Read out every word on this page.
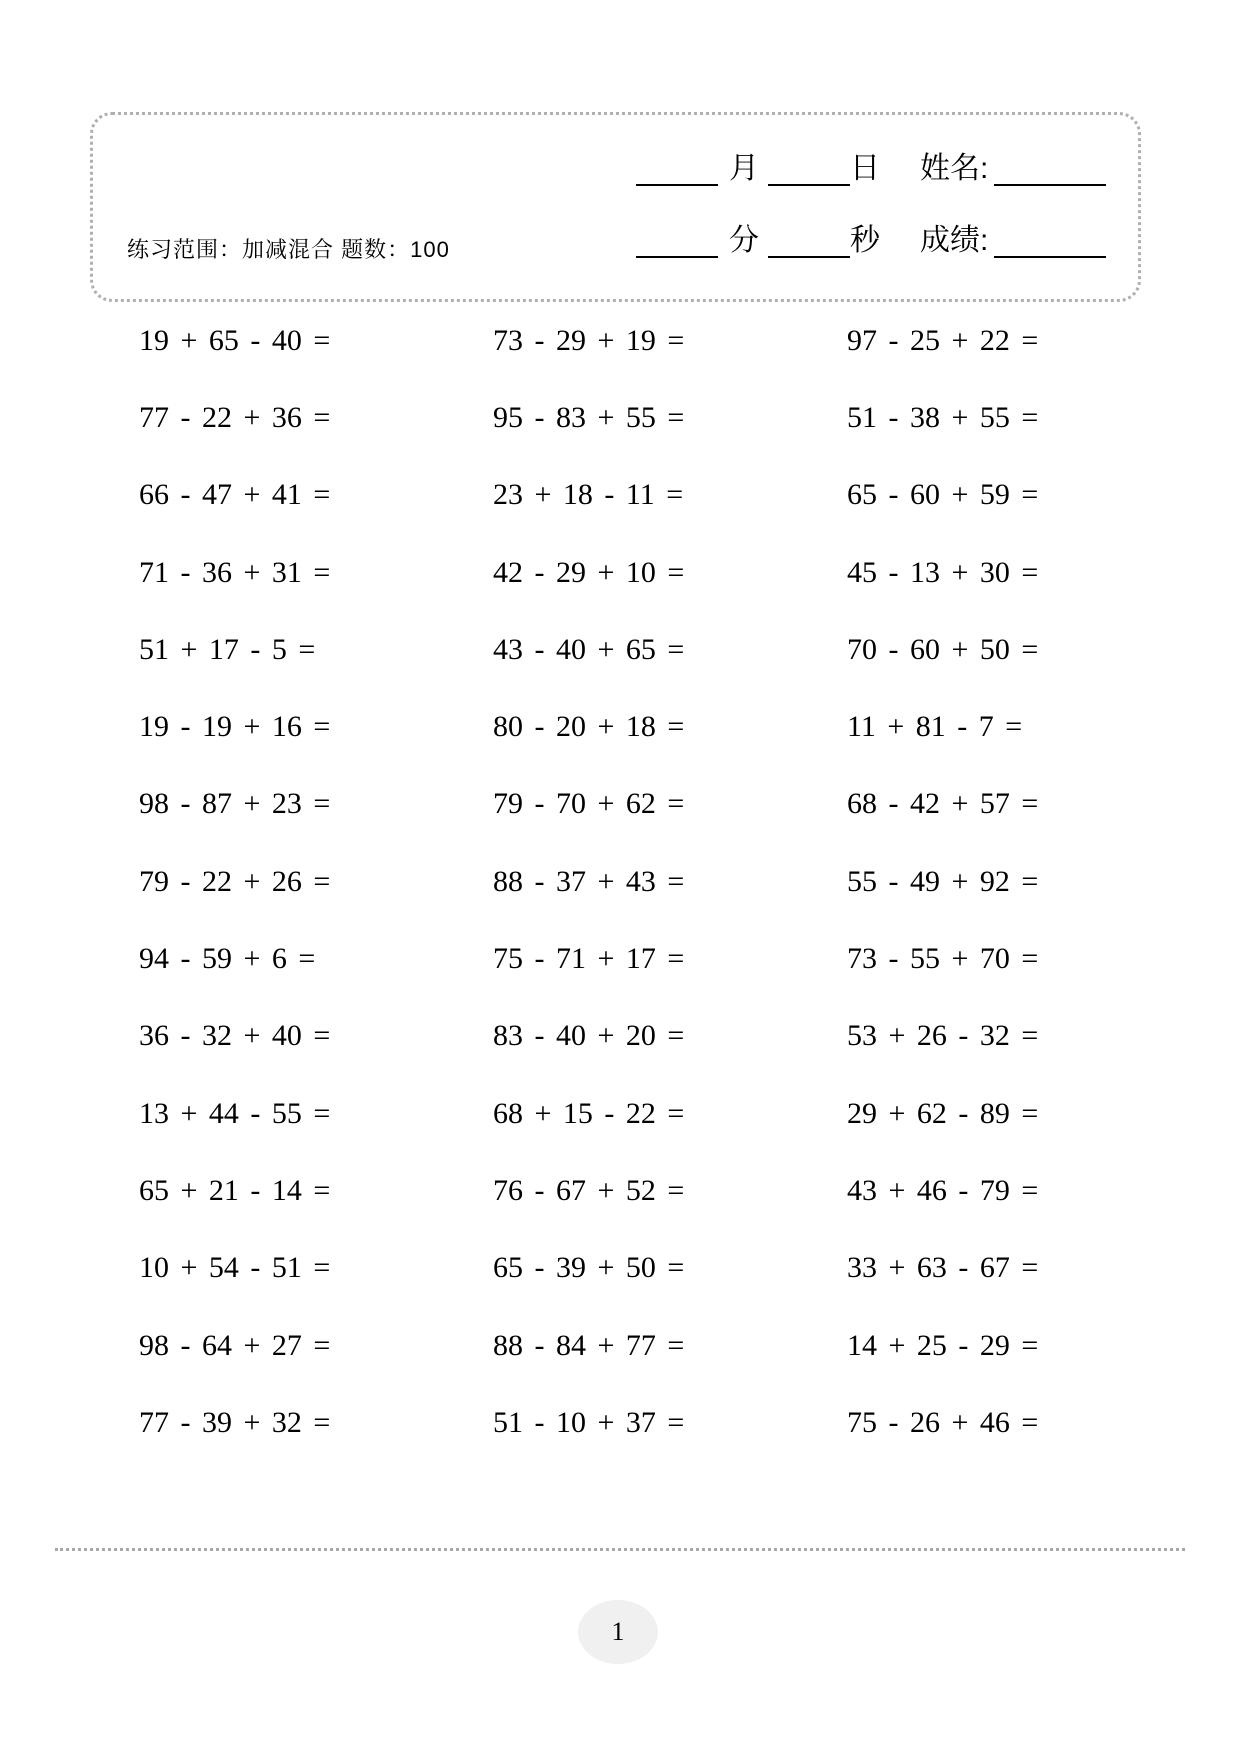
练习范围：加减混合 题数：100
月	日 姓名:
分	秒 成绩:
19 + 65 - 40 =	73 - 29 + 19 =	97 - 25 + 22 =
77 - 22 + 36 =	95 - 83 + 55 =	51 - 38 + 55 =
66 - 47 + 41 =	23 + 18 - 11 =	65 - 60 + 59 =
71 - 36 + 31 =	42 - 29 + 10 =	45 - 13 + 30 =
51 + 17 - 5 =	43 - 40 + 65 =	70 - 60 + 50 =
19 - 19 + 16 =	80 - 20 + 18 =	11 + 81 - 7 =
98 - 87 + 23 =	79 - 70 + 62 =	68 - 42 + 57 =
79 - 22 + 26 =	88 - 37 + 43 =	55 - 49 + 92 =
94 - 59 + 6 =	75 - 71 + 17 =	73 - 55 + 70 =
36 - 32 + 40 =	83 - 40 + 20 =	53 + 26 - 32 =
13 + 44 - 55 =	68 + 15 - 22 =	29 + 62 - 89 =
65 + 21 - 14 =	76 - 67 + 52 =	43 + 46 - 79 =
10 + 54 - 51 =	65 - 39 + 50 =	33 + 63 - 67 =
98 - 64 + 27 =	88 - 84 + 77 =	14 + 25 - 29 =
77 - 39 + 32 =	51 - 10 + 37 =	75 - 26 + 46 =
1
